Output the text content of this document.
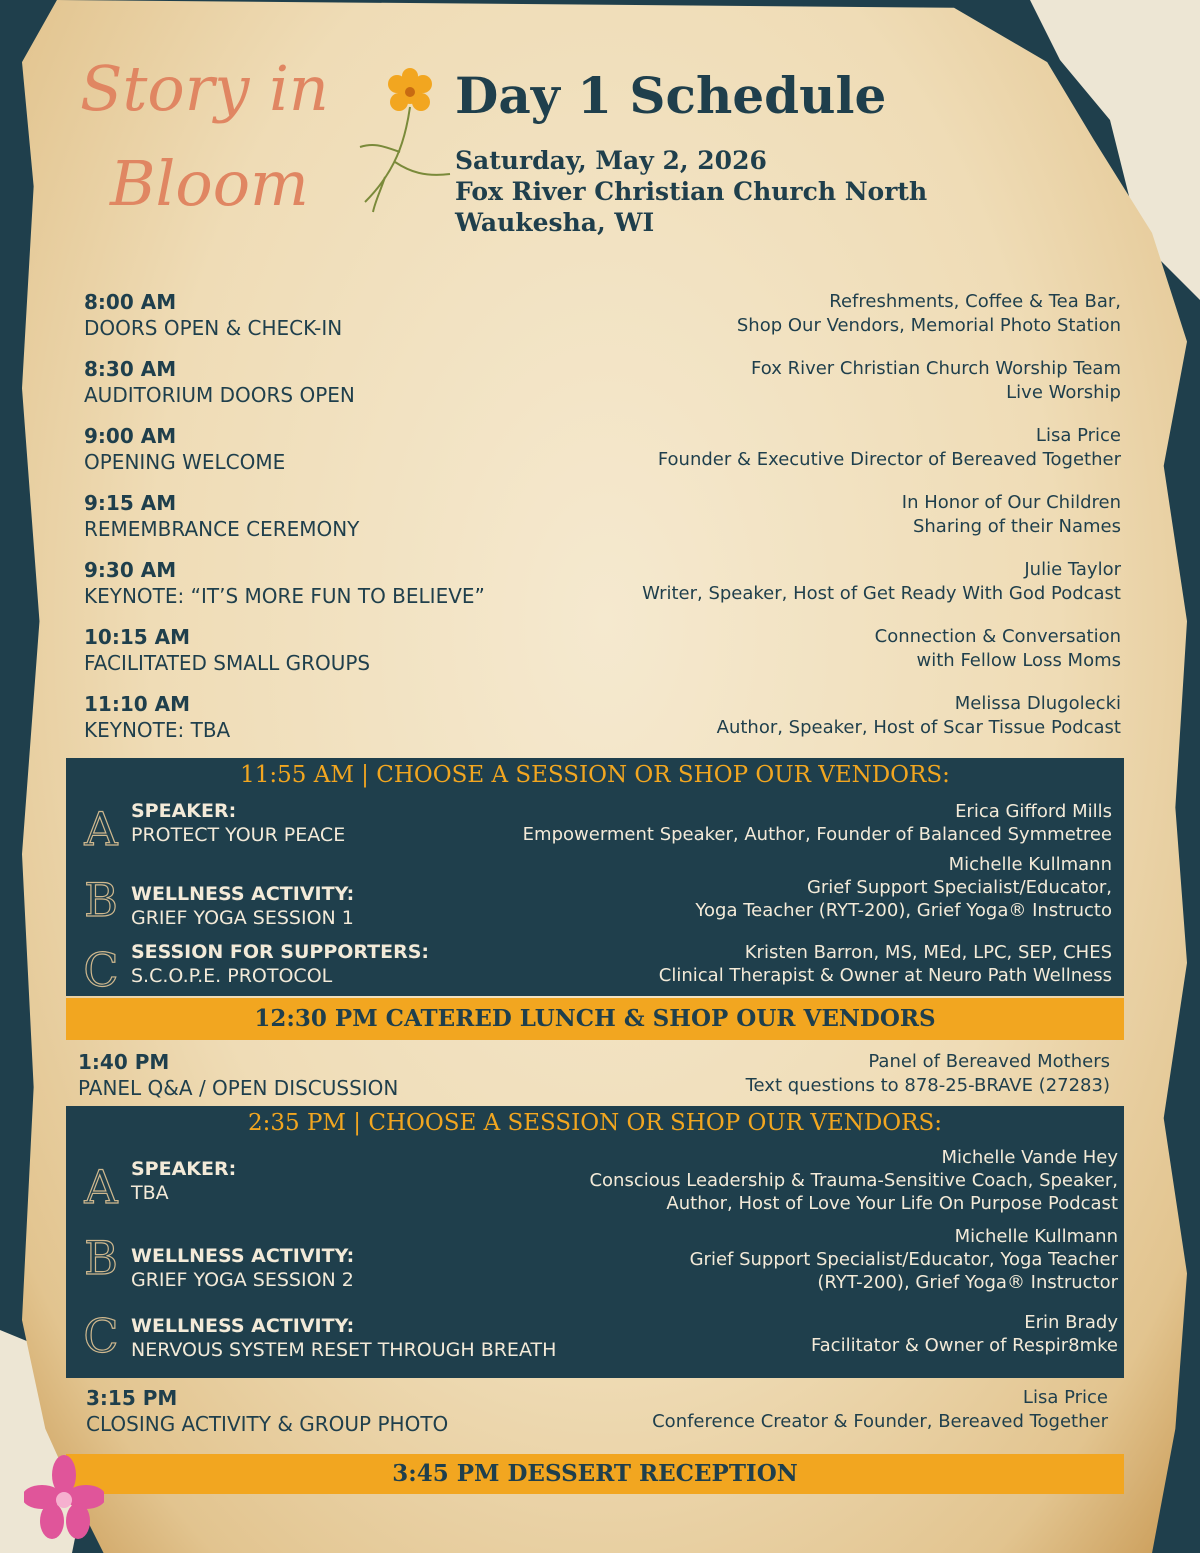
Story in
Bloom
Day 1 Schedule
Saturday, May 2, 2026
Fox River Christian Church North
Waukesha, WI
8:00 AM
DOORS OPEN & CHECK-IN
Refreshments, Coffee & Tea Bar,
Shop Our Vendors, Memorial Photo Station
8:30 AM
AUDITORIUM DOORS OPEN
Fox River Christian Church Worship Team
Live Worship
9:00 AM
OPENING WELCOME
Lisa Price
Founder & Executive Director of Bereaved Together
9:15 AM
REMEMBRANCE CEREMONY
In Honor of Our Children
Sharing of their Names
9:30 AM
KEYNOTE: “IT’S MORE FUN TO BELIEVE”
Julie Taylor
Writer, Speaker, Host of Get Ready With God Podcast
10:15 AM
FACILITATED SMALL GROUPS
Connection & Conversation
with Fellow Loss Moms
11:10 AM
KEYNOTE: TBA
Melissa Dlugolecki
Author, Speaker, Host of Scar Tissue Podcast
11:55 AM | CHOOSE A SESSION OR SHOP OUR VENDORS:
A SPEAKER:
PROTECT YOUR PEACE
Erica Gifford Mills
Empowerment Speaker, Author, Founder of Balanced Symmetree
B WELLNESS ACTIVITY:
GRIEF YOGA SESSION 1
Michelle Kullmann
Grief Support Specialist/Educator,
Yoga Teacher (RYT-200), Grief Yoga® Instructo
C SESSION FOR SUPPORTERS:
S.C.O.P.E. PROTOCOL
Kristen Barron, MS, MEd, LPC, SEP, CHES
Clinical Therapist & Owner at Neuro Path Wellness
12:30 PM CATERED LUNCH & SHOP OUR VENDORS
1:40 PM
PANEL Q&A / OPEN DISCUSSION
Panel of Bereaved Mothers
Text questions to 878-25-BRAVE (27283)
2:35 PM | CHOOSE A SESSION OR SHOP OUR VENDORS:
A SPEAKER:
TBA
Michelle Vande Hey
Conscious Leadership & Trauma-Sensitive Coach, Speaker,
Author, Host of Love Your Life On Purpose Podcast
B WELLNESS ACTIVITY:
GRIEF YOGA SESSION 2
Michelle Kullmann
Grief Support Specialist/Educator, Yoga Teacher
(RYT-200), Grief Yoga® Instructor
C WELLNESS ACTIVITY:
NERVOUS SYSTEM RESET THROUGH BREATH
Erin Brady
Facilitator & Owner of Respir8mke
3:15 PM
CLOSING ACTIVITY & GROUP PHOTO
Lisa Price
Conference Creator & Founder, Bereaved Together
3:45 PM DESSERT RECEPTION
